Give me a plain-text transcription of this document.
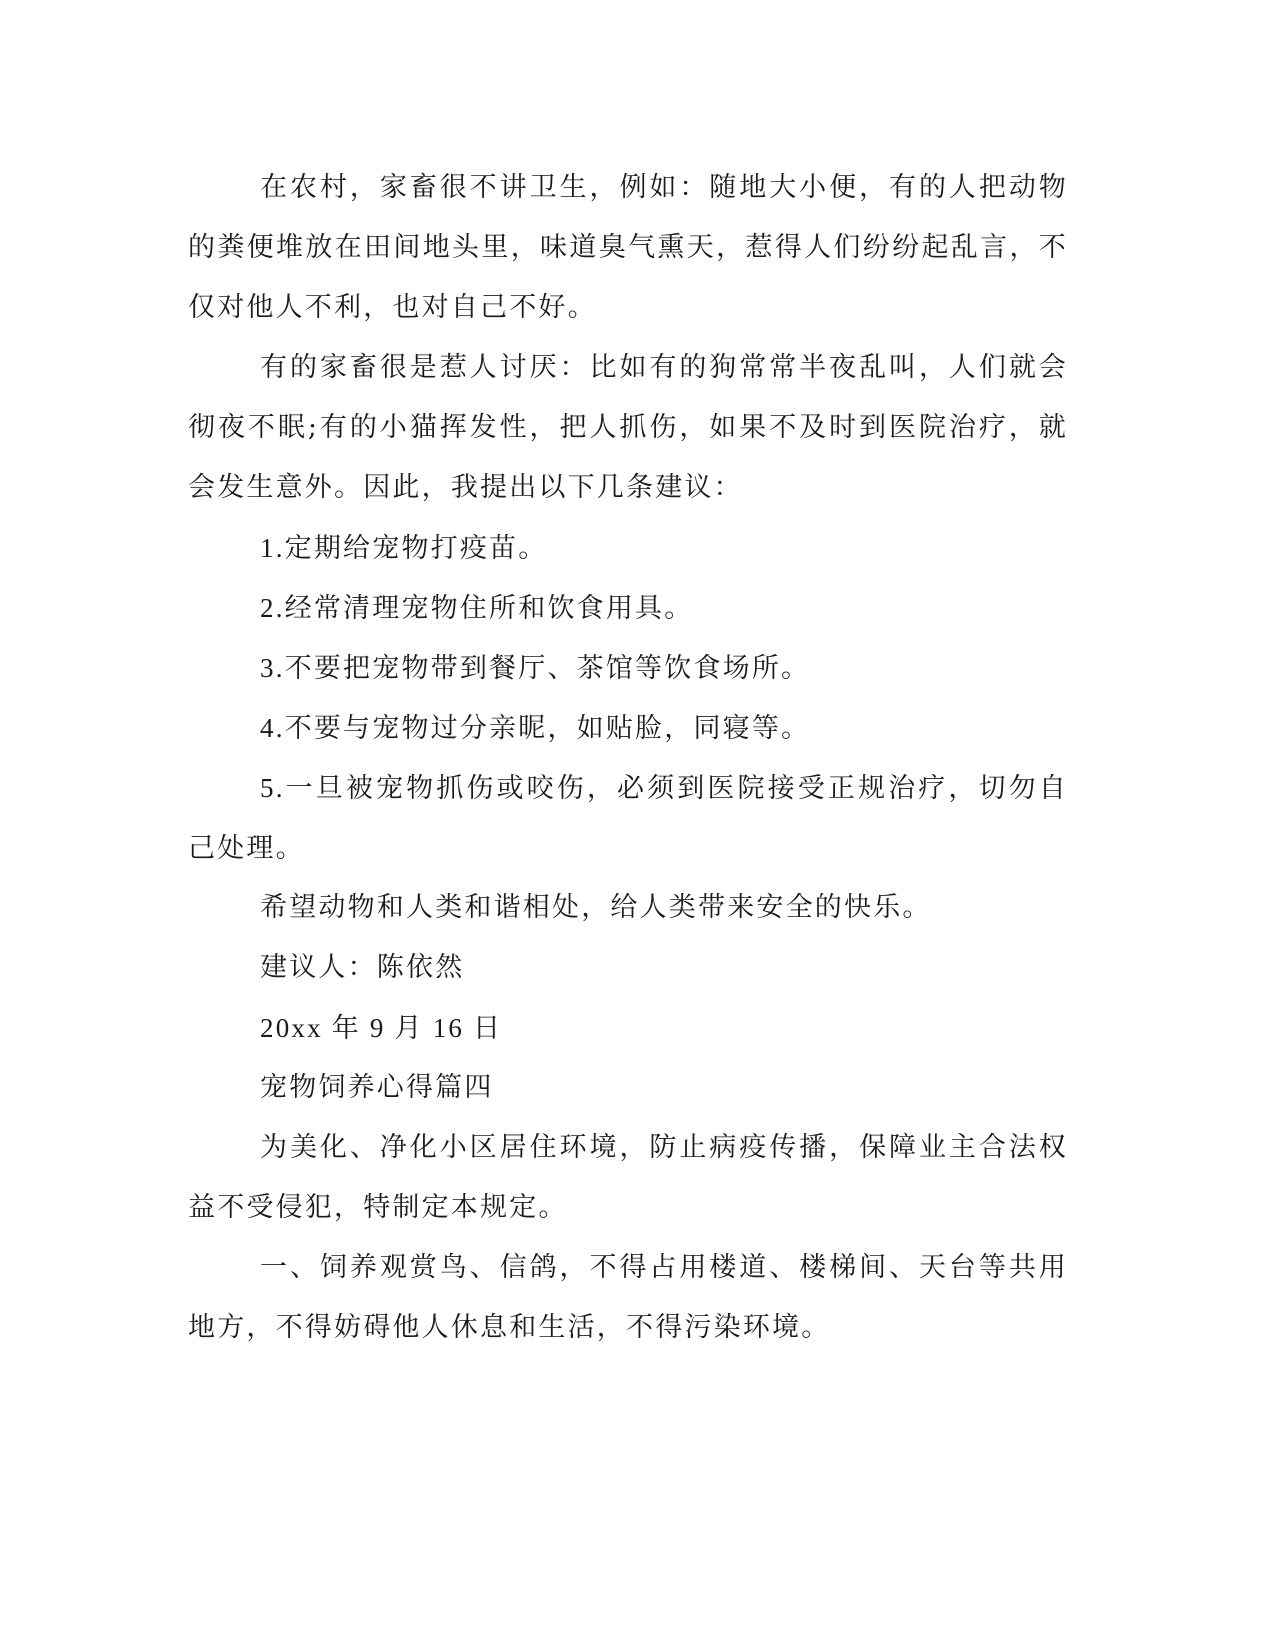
在农村，家畜很不讲卫生，例如：随地大小便，有的人把动物的粪便堆放在田间地头里，味道臭气熏天，惹得人们纷纷起乱言，不仅对他人不利，也对自己不好。

有的家畜很是惹人讨厌：比如有的狗常常半夜乱叫，人们就会彻夜不眠;有的小猫挥发性，把人抓伤，如果不及时到医院治疗，就会发生意外。因此，我提出以下几条建议：

1.定期给宠物打疫苗。

2.经常清理宠物住所和饮食用具。

3.不要把宠物带到餐厅、茶馆等饮食场所。

4.不要与宠物过分亲昵，如贴脸，同寝等。

5.一旦被宠物抓伤或咬伤，必须到医院接受正规治疗，切勿自己处理。

希望动物和人类和谐相处，给人类带来安全的快乐。

建议人：陈依然

20xx 年 9 月 16 日

宠物饲养心得篇四

为美化、净化小区居住环境，防止病疫传播，保障业主合法权益不受侵犯，特制定本规定。

一、饲养观赏鸟、信鸽，不得占用楼道、楼梯间、天台等共用地方，不得妨碍他人休息和生活，不得污染环境。
